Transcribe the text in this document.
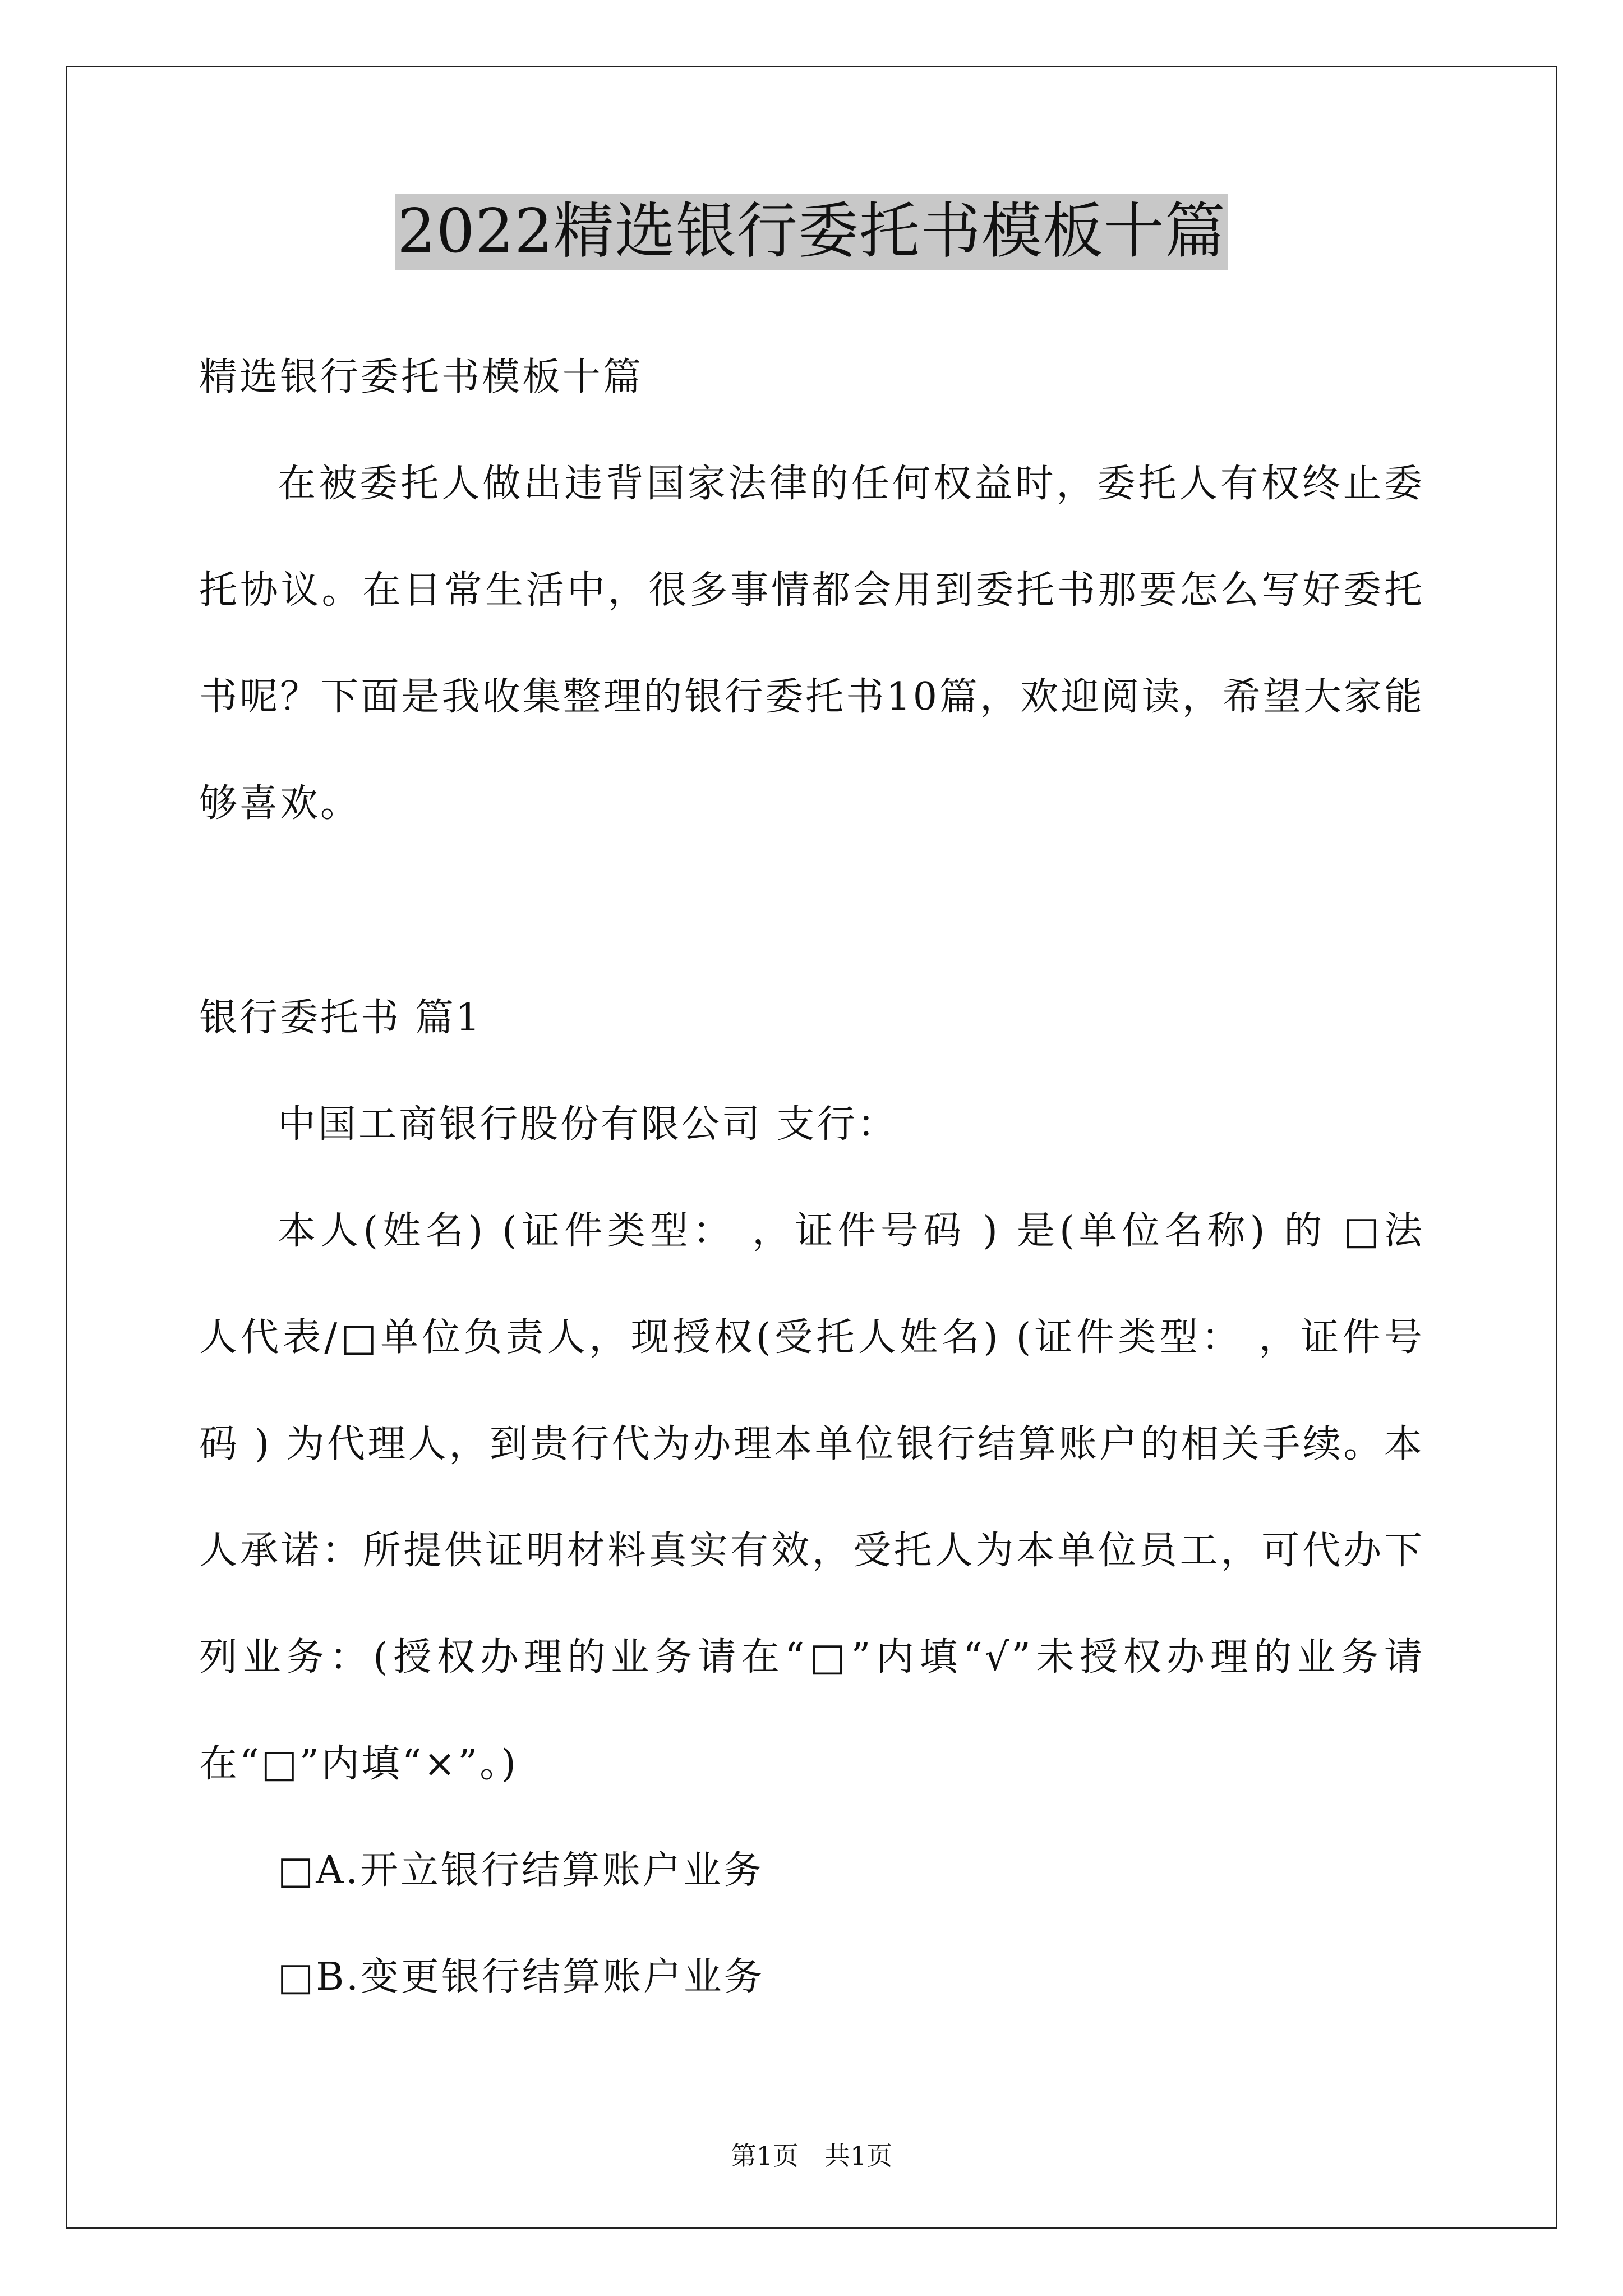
2022精选银行委托书模板十篇
精选银行委托书模板十篇
在被委托人做出违背国家法律的任何权益时，委托人有权终止委
托协议。在日常生活中，很多事情都会用到委托书那要怎么写好委托
书呢？下面是我收集整理的银行委托书10篇，欢迎阅读，希望大家能
够喜欢。
银行委托书 篇1
中国工商银行股份有限公司 支行：
本人(姓名) (证件类型： ，证件号码 ) 是(单位名称) 的 □法
人代表/□单位负责人，现授权(受托人姓名) (证件类型： ，证件号
码 ) 为代理人，到贵行代为办理本单位银行结算账户的相关手续。本
人承诺：所提供证明材料真实有效，受托人为本单位员工，可代办下
列业务：(授权办理的业务请在“□”内填“√”未授权办理的业务请
在“□”内填“×”。)
□A.开立银行结算账户业务
□B.变更银行结算账户业务
第1页　共1页
